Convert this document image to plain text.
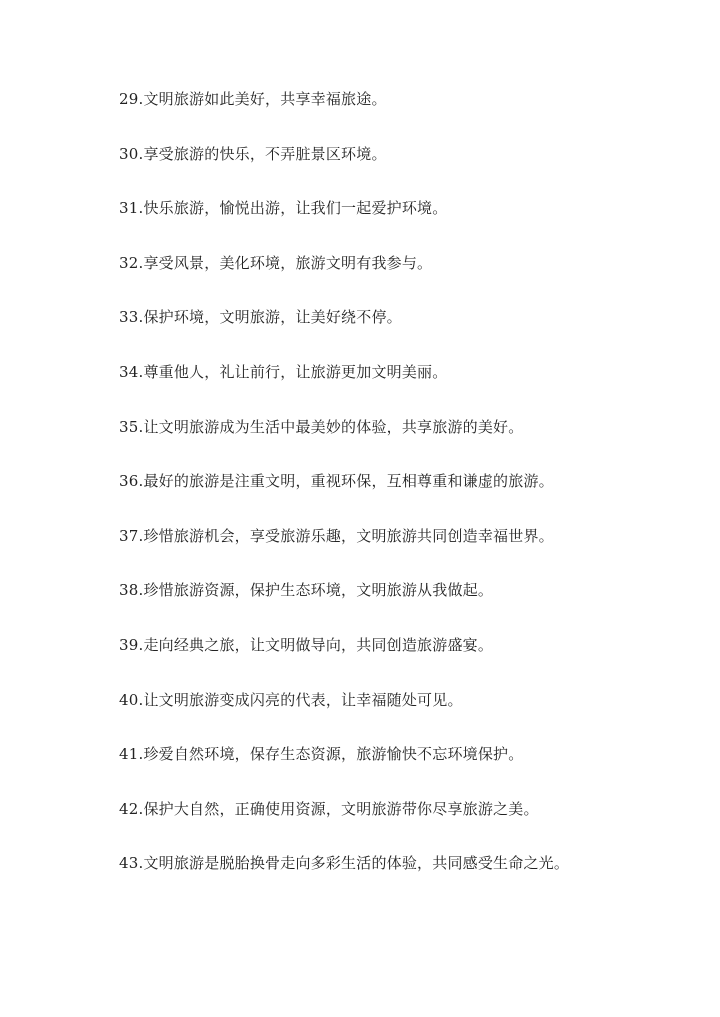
29.文明旅游如此美好，共享幸福旅途。
30.享受旅游的快乐，不弄脏景区环境。
31.快乐旅游，愉悦出游，让我们一起爱护环境。
32.享受风景，美化环境，旅游文明有我参与。
33.保护环境，文明旅游，让美好绕不停。
34.尊重他人，礼让前行，让旅游更加文明美丽。
35.让文明旅游成为生活中最美妙的体验，共享旅游的美好。
36.最好的旅游是注重文明，重视环保，互相尊重和谦虚的旅游。
37.珍惜旅游机会，享受旅游乐趣，文明旅游共同创造幸福世界。
38.珍惜旅游资源，保护生态环境，文明旅游从我做起。
39.走向经典之旅，让文明做导向，共同创造旅游盛宴。
40.让文明旅游变成闪亮的代表，让幸福随处可见。
41.珍爱自然环境，保存生态资源，旅游愉快不忘环境保护。
42.保护大自然，正确使用资源，文明旅游带你尽享旅游之美。
43.文明旅游是脱胎换骨走向多彩生活的体验，共同感受生命之光。
